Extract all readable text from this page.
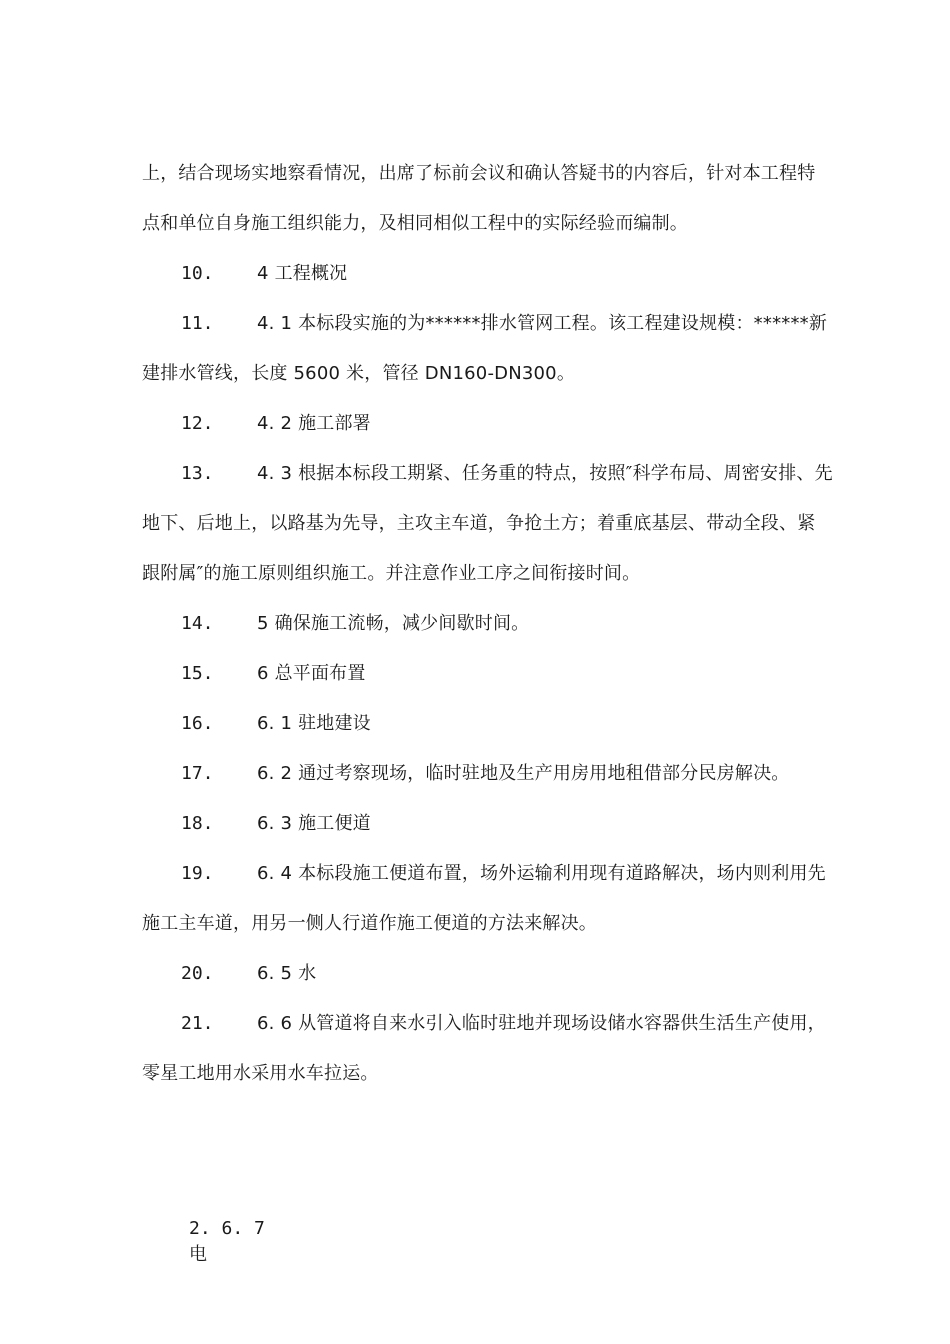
上，结合现场实地察看情况，出席了标前会议和确认答疑书的内容后，针对本工程特
点和单位自身施工组织能力，及相同相似工程中的实际经验而编制。
10. 4 工程概况
11. 4. 1 本标段实施的为******排水管网工程。该工程建设规模：******新
建排水管线，长度 5600 米，管径 DN160-DN300。
12. 4. 2 施工部署
13. 4. 3 根据本标段工期紧、任务重的特点，按照″科学布局、周密安排、先
地下、后地上，以路基为先导，主攻主车道，争抢土方；着重底基层、带动全段、紧
跟附属″的施工原则组织施工。并注意作业工序之间衔接时间。
14. 5 确保施工流畅，减少间歇时间。
15. 6 总平面布置
16. 6. 1 驻地建设
17. 6. 2 通过考察现场，临时驻地及生产用房用地租借部分民房解决。
18. 6. 3 施工便道
19. 6. 4 本标段施工便道布置，场外运输利用现有道路解决，场内则利用先
施工主车道，用另一侧人行道作施工便道的方法来解决。
20. 6. 5 水
21. 6. 6 从管道将自来水引入临时驻地并现场设储水容器供生活生产使用，
零星工地用水采用水车拉运。
2. 6. 7
电
